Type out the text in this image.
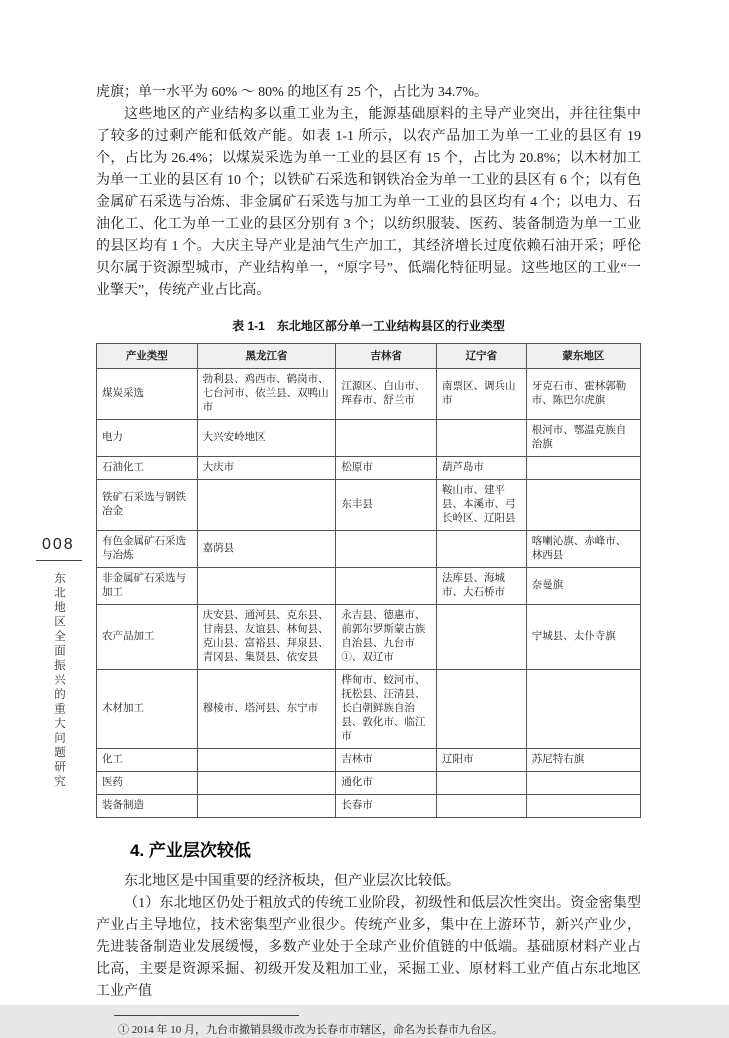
008
东北地区全面振兴的重大问题研究

虎旗；单一水平为 60% ～ 80% 的地区有 25 个，占比为 34.7%。

这些地区的产业结构多以重工业为主，能源基础原料的主导产业突出，并往往集中了较多的过剩产能和低效产能。如表 1-1 所示，以农产品加工为单一工业的县区有 19 个，占比为 26.4%；以煤炭采选为单一工业的县区有 15 个，占比为 20.8%；以木材加工为单一工业的县区有 10 个；以铁矿石采选和钢铁冶金为单一工业的县区有 6 个；以有色金属矿石采选与冶炼、非金属矿石采选与加工为单一工业的县区均有 4 个；以电力、石油化工、化工为单一工业的县区分别有 3 个；以纺织服装、医药、装备制造为单一工业的县区均有 1 个。大庆主导产业是油气生产加工，其经济增长过度依赖石油开采；呼伦贝尔属于资源型城市，产业结构单一，“原字号”、低端化特征明显。这些地区的工业“一业擎天”，传统产业占比高。

表 1-1　东北地区部分单一工业结构县区的行业类型
产业类型	黑龙江省	吉林省	辽宁省	蒙东地区
煤炭采选	勃利县、鸡西市、鹤岗市、七台河市、依兰县、双鸭山市	江源区、白山市、珲春市、舒兰市	南票区、调兵山市	牙克石市、霍林郭勒市、陈巴尔虎旗
电力	大兴安岭地区			根河市、鄂温克族自治旗
石油化工	大庆市	松原市	葫芦岛市	
铁矿石采选与钢铁冶金		东丰县	鞍山市、建平县、本溪市、弓长岭区、辽阳县	
有色金属矿石采选与冶炼	嘉荫县			喀喇沁旗、赤峰市、林西县
非金属矿石采选与加工			法库县、海城市、大石桥市	奈曼旗
农产品加工	庆安县、通河县、克东县、甘南县、友谊县、林甸县、克山县、富裕县、拜泉县、青冈县、集贤县、依安县	永吉县、德惠市、前郭尔罗斯蒙古族自治县、九台市①、双辽市		宁城县、太仆寺旗
木材加工	穆棱市、塔河县、东宁市	桦甸市、蛟河市、抚松县、汪清县、长白朝鲜族自治县、敦化市、临江市		
化工		吉林市	辽阳市	苏尼特右旗
医药		通化市		
装备制造		长春市		
4. 产业层次较低

东北地区是中国重要的经济板块，但产业层次比较低。

（1）东北地区仍处于粗放式的传统工业阶段，初级性和低层次性突出。资金密集型产业占主导地位，技术密集型产业很少。传统产业多，集中在上游环节，新兴产业少，先进装备制造业发展缓慢，多数产业处于全球产业价值链的中低端。基础原材料产业占比高，主要是资源采掘、初级开发及粗加工业，采掘工业、原材料工业产值占东北地区工业产值

① 2014 年 10 月，九台市撤销县级市改为长春市市辖区，命名为长春市九台区。
